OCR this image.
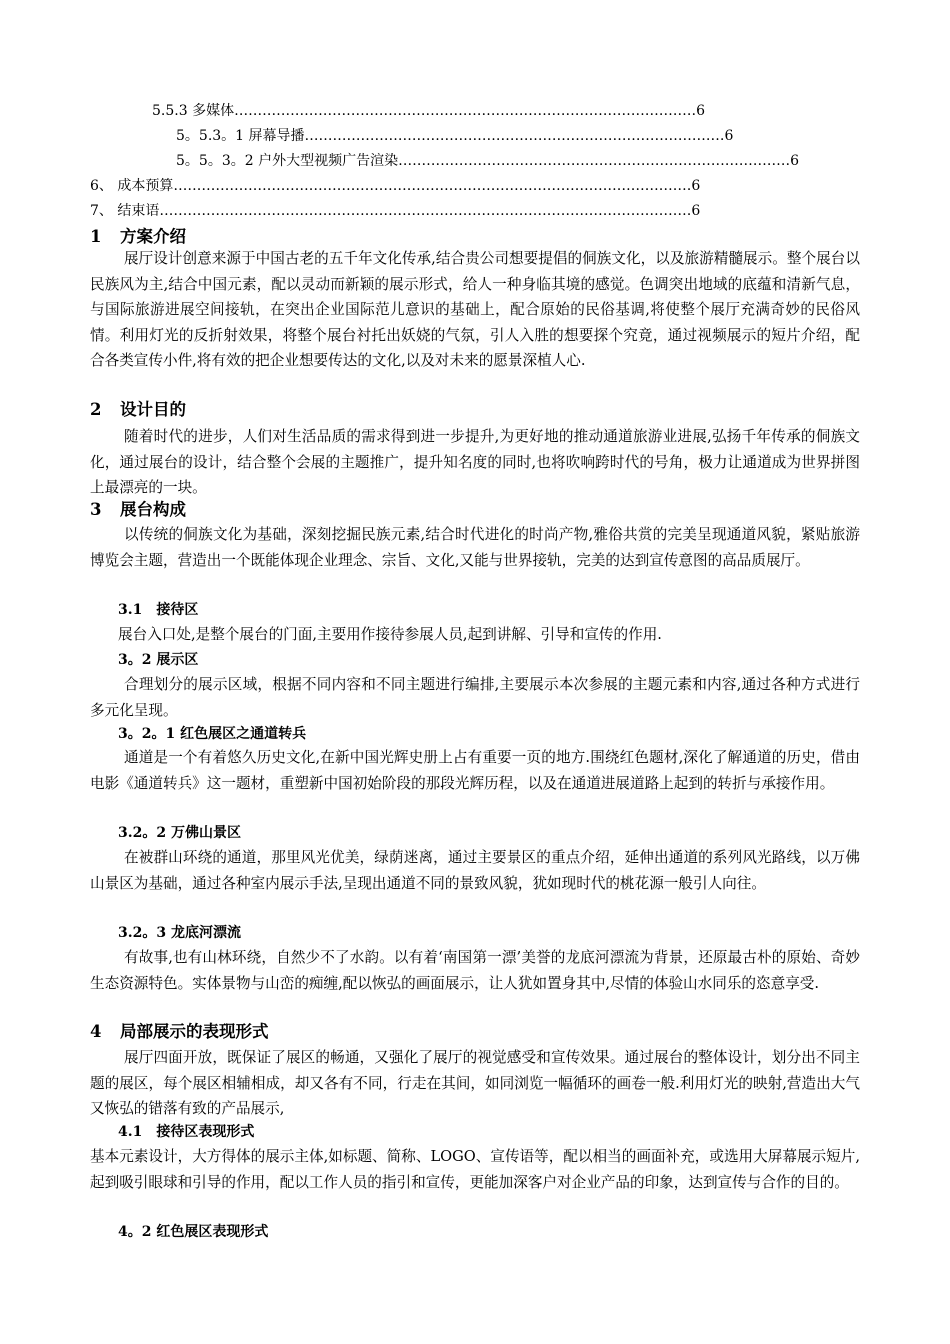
5.5.3 多媒体………………………………………………………………………………………6
5。5.3。1 屏幕导播………………………………………………………………………………6
5。5。3。2 户外大型视频广告渲染…………………………………………………………………………6
6、 成本预算…………………………………………………………………………………………………6
7、 结束语……………………………………………………………………………………………………6
1 方案介绍

展厅设计创意来源于中国古老的五千年文化传承,结合贵公司想要提倡的侗族文化，以及旅游精髓展示。整个展台以民族风为主,结合中国元素，配以灵动而新颖的展示形式，给人一种身临其境的感觉。色调突出地域的底蕴和清新气息，与国际旅游进展空间接轨，在突出企业国际范儿意识的基础上，配合原始的民俗基调,将使整个展厅充满奇妙的民俗风情。利用灯光的反折射效果，将整个展台衬托出妖娆的气氛，引人入胜的想要探个究竟，通过视频展示的短片介绍，配合各类宣传小件,将有效的把企业想要传达的文化,以及对未来的愿景深植人心.

2 设计目的

随着时代的进步，人们对生活品质的需求得到进一步提升,为更好地的推动通道旅游业进展,弘扬千年传承的侗族文化，通过展台的设计，结合整个会展的主题推广，提升知名度的同时,也将吹响跨时代的号角，极力让通道成为世界拼图上最漂亮的一块。

3 展台构成

以传统的侗族文化为基础，深刻挖掘民族元素,结合时代进化的时尚产物,雅俗共赏的完美呈现通道风貌，紧贴旅游博览会主题，营造出一个既能体现企业理念、宗旨、文化,又能与世界接轨，完美的达到宣传意图的高品质展厅。

3.1　接待区

展台入口处,是整个展台的门面,主要用作接待参展人员,起到讲解、引导和宣传的作用.

3。2 展示区

合理划分的展示区域，根据不同内容和不同主题进行编排,主要展示本次参展的主题元素和内容,通过各种方式进行多元化呈现。

3。2。1 红色展区之通道转兵

通道是一个有着悠久历史文化,在新中国光辉史册上占有重要一页的地方.围绕红色题材,深化了解通道的历史，借由电影《通道转兵》这一题材，重塑新中国初始阶段的那段光辉历程，以及在通道进展道路上起到的转折与承接作用。

3.2。2 万佛山景区

在被群山环绕的通道，那里风光优美，绿荫迷离，通过主要景区的重点介绍，延伸出通道的系列风光路线，以万佛山景区为基础，通过各种室内展示手法,呈现出通道不同的景致风貌，犹如现时代的桃花源一般引人向往。

3.2。3 龙底河漂流

有故事,也有山林环绕，自然少不了水韵。以有着‘南国第一漂’美誉的龙底河漂流为背景，还原最古朴的原始、奇妙生态资源特色。实体景物与山峦的痴缠,配以恢弘的画面展示，让人犹如置身其中,尽情的体验山水同乐的恣意享受.

4 局部展示的表现形式

展厅四面开放，既保证了展区的畅通，又强化了展厅的视觉感受和宣传效果。通过展台的整体设计，划分出不同主题的展区，每个展区相辅相成，却又各有不同，行走在其间，如同浏览一幅循环的画卷一般.利用灯光的映射,营造出大气又恢弘的错落有致的产品展示,

4.1　接待区表现形式

基本元素设计，大方得体的展示主体,如标题、简称、LOGO、宣传语等，配以相当的画面补充，或选用大屏幕展示短片,起到吸引眼球和引导的作用，配以工作人员的指引和宣传，更能加深客户对企业产品的印象，达到宣传与合作的目的。

4。2 红色展区表现形式
